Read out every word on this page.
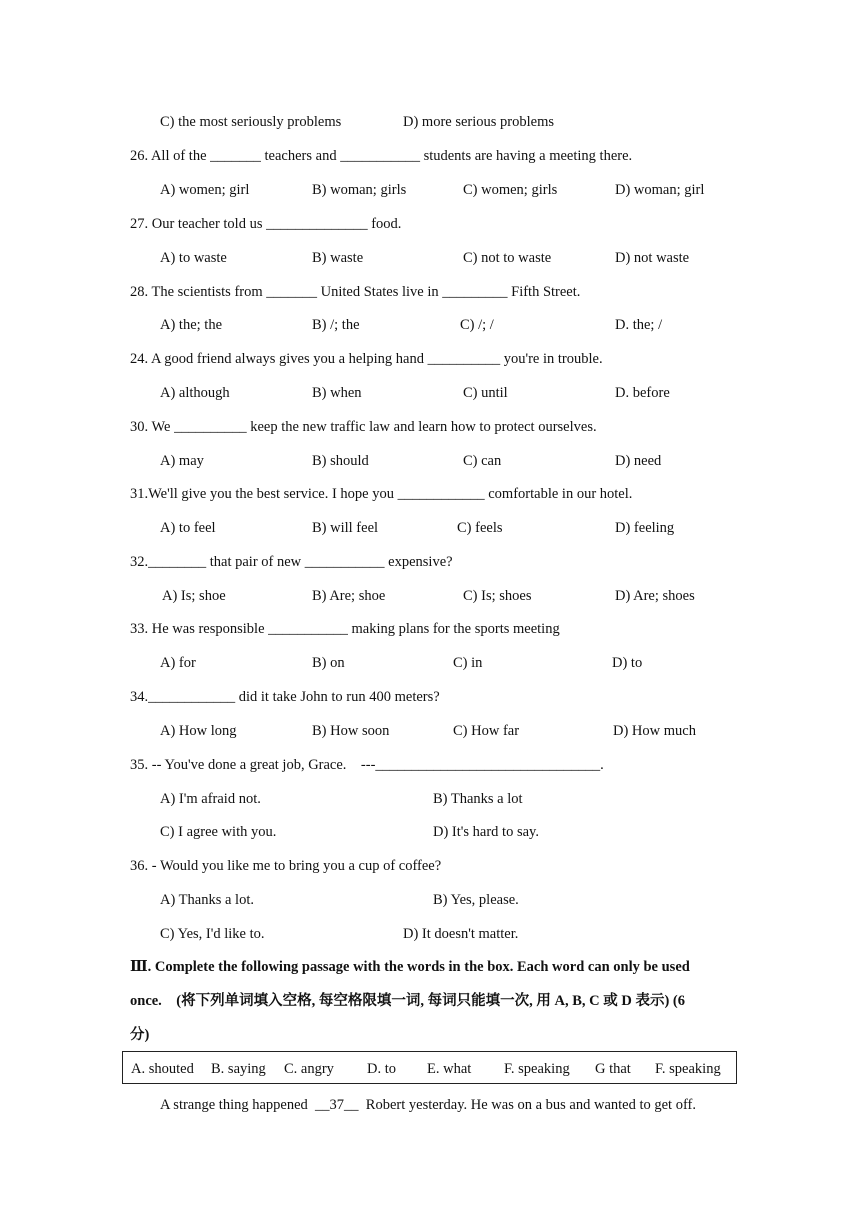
C) the most seriously problems	D) more serious problems
26. All of the _______ teachers and ___________ students are having a meeting there.
A) women; girl	B) woman; girls	C) women; girls	D) woman; girl
27. Our teacher told us ______________ food.
A) to waste	B) waste	C) not to waste	D) not waste
28. The scientists from _______ United States live in _________ Fifth Street.
A) the; the	B) /; the	C) /; /	D. the; /
24. A good friend always gives you a helping hand __________ you're in trouble.
A) although	B) when	C) until	D. before
30. We __________ keep the new traffic law and learn how to protect ourselves.
A) may	B) should	C) can	D) need
31.We'll give you the best service. I hope you ____________ comfortable in our hotel.
A) to feel	B) will feel	C) feels	D) feeling
32.________ that pair of new ___________ expensive?
A) Is; shoe	B) Are; shoe	C) Is; shoes	D) Are; shoes
33. He was responsible ___________ making plans for the sports meeting
A) for	B) on	C) in	D) to
34.____________ did it take John to run 400 meters?
A) How long	B) How soon	C) How far	D) How much
35. -- You've done a great job, Grace.    ---_______________________________.
A) I'm afraid not.	B) Thanks a lot
C) I agree with you.	D) It's hard to say.
36. - Would you like me to bring you a cup of coffee?
A) Thanks a lot.	B) Yes, please.
C) Yes, I'd like to.	D) It doesn't matter.
Ⅲ. Complete the following passage with the words in the box. Each word can only be used
once.    (将下列单词填入空格, 每空格限填一词, 每词只能填一次, 用 A, B, C 或 D 表示) (6
分)
A. shouted B. saying C. angry D. to E. what F. speaking G that F. speaking
A strange thing happened  __37__  Robert yesterday. He was on a bus and wanted to get off.
